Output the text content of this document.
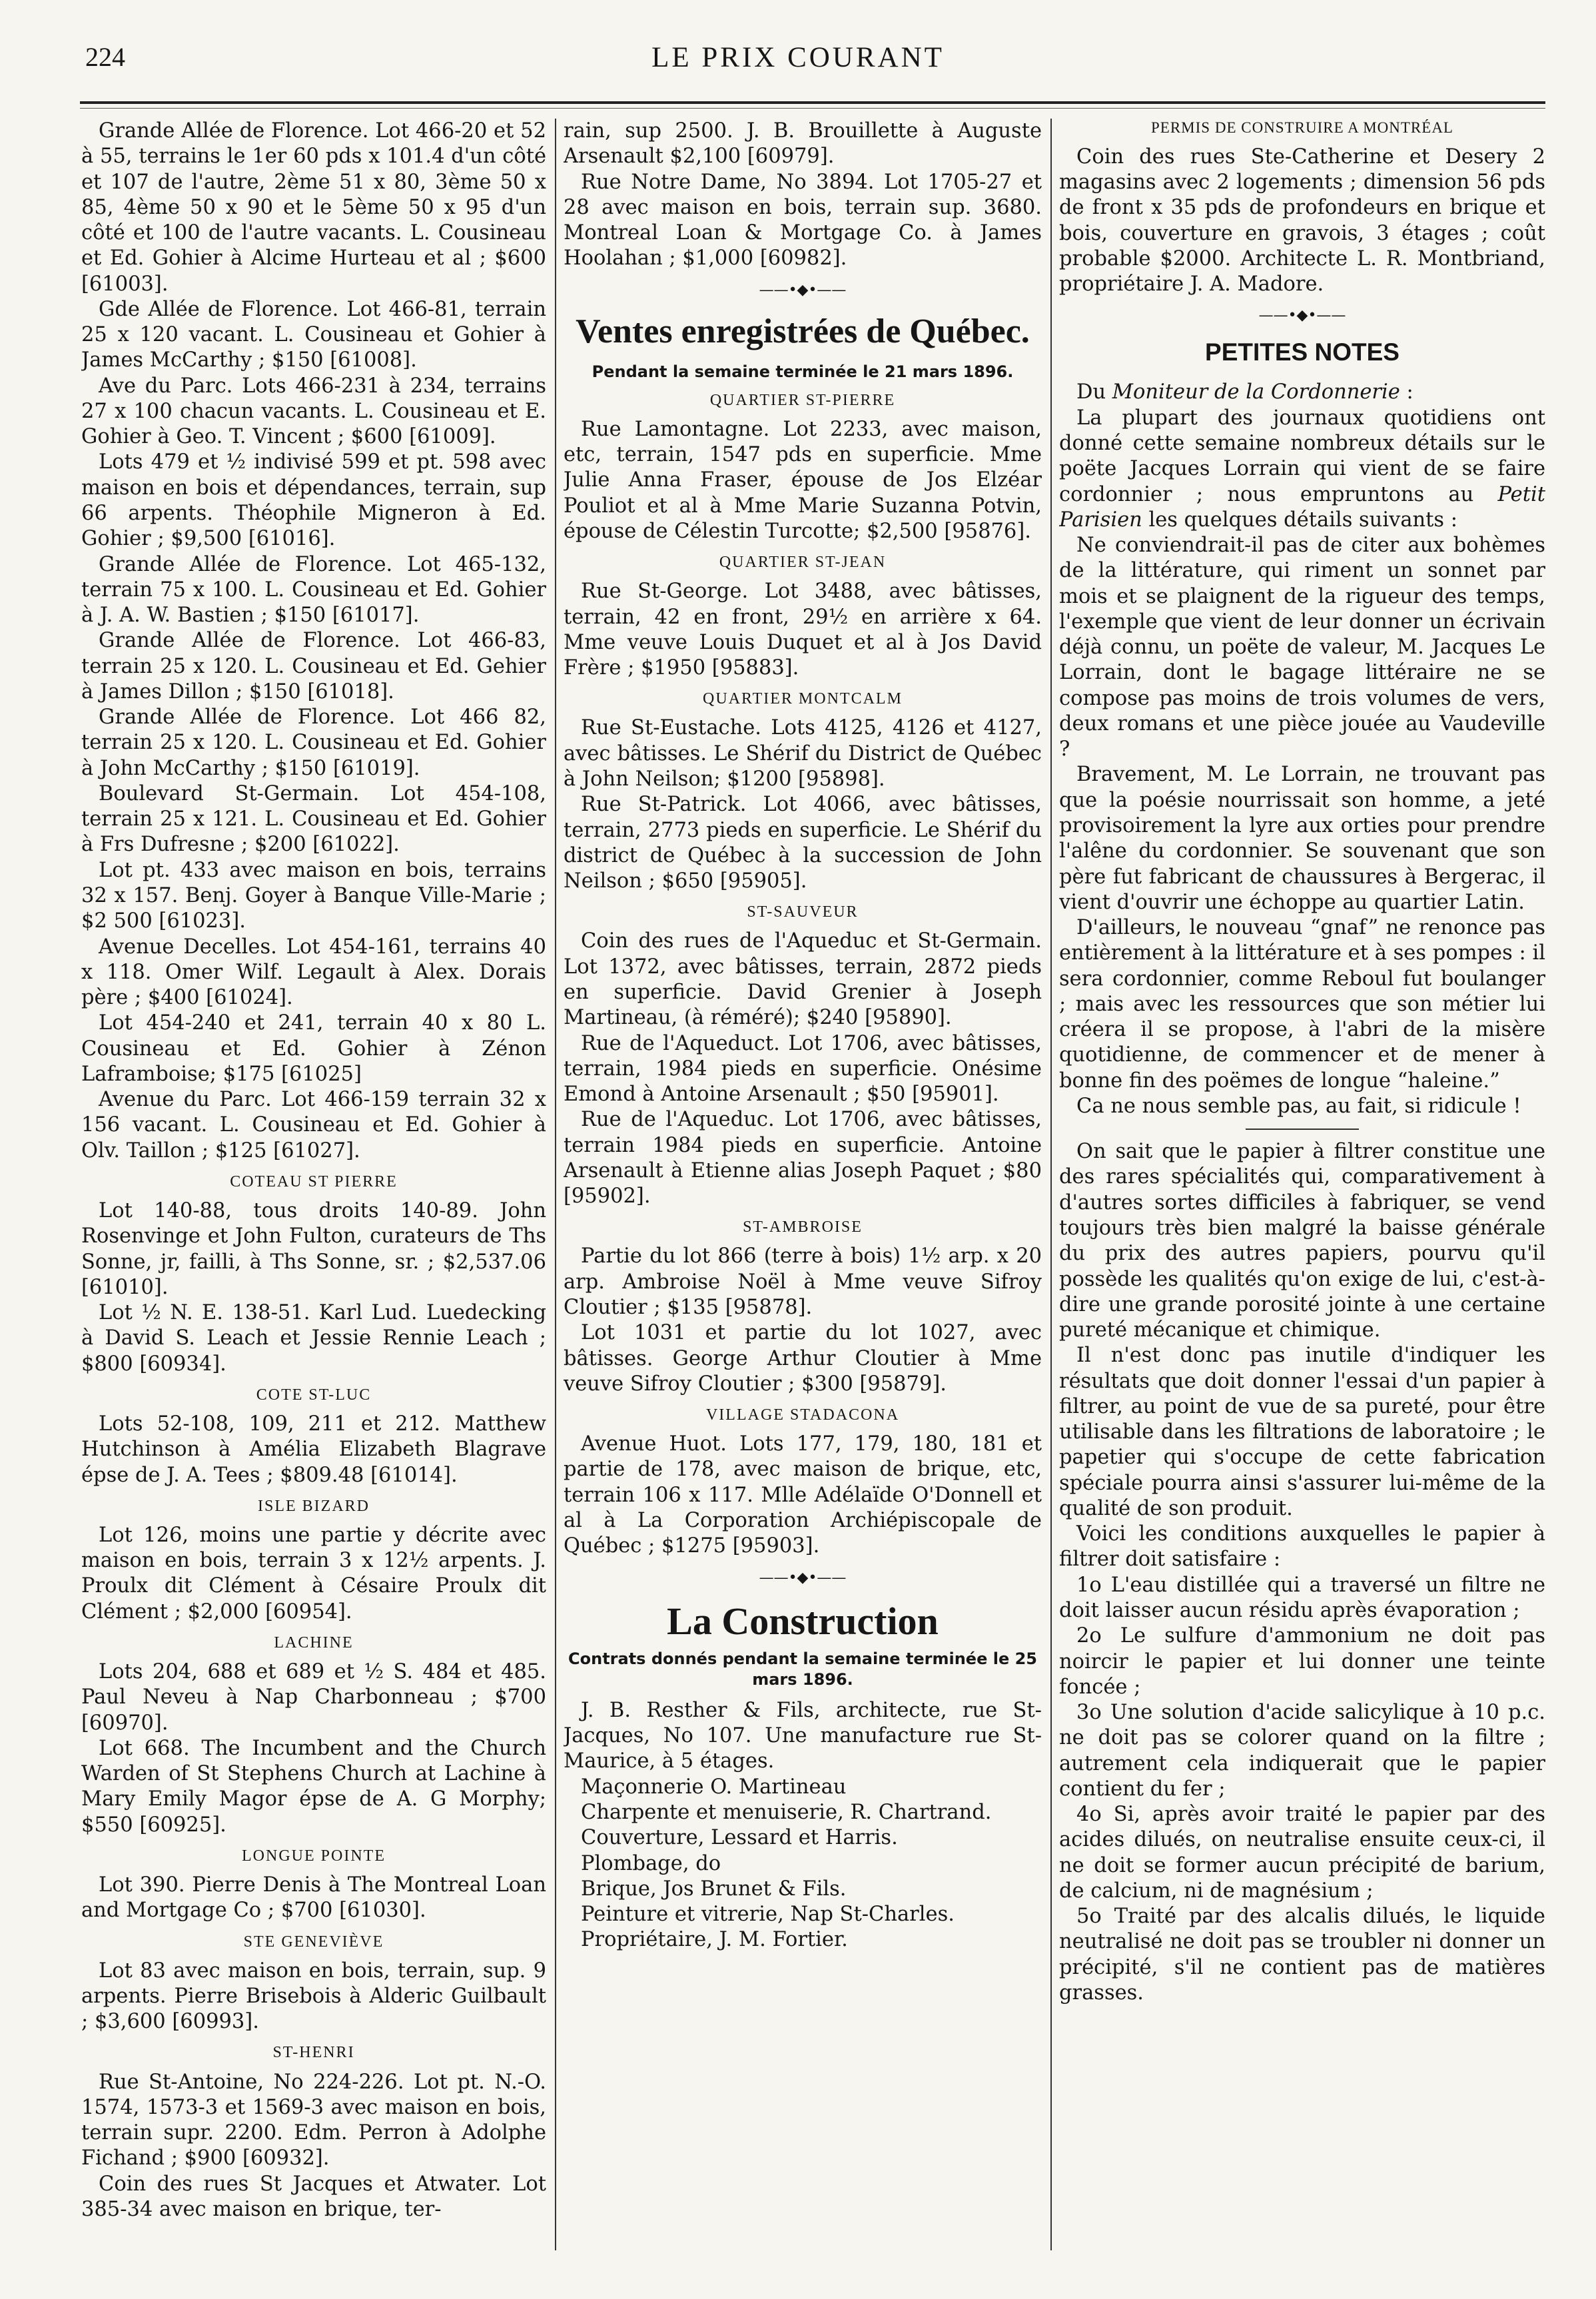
224	LE PRIX COURANT

Grande Allée de Florence. Lot 466-20 et 52 à 55, terrains le 1er 60 pds x 101.4 d'un côté et 107 de l'autre, 2ème 51 x 80, 3ème 50 x 85, 4ème 50 x 90 et le 5ème 50 x 95 d'un côté et 100 de l'autre vacants. L. Cousineau et Ed. Gohier à Alcime Hurteau et al ; $600 [61003].

Gde Allée de Florence. Lot 466-81, terrain 25 x 120 vacant. L. Cousineau et Gohier à James McCarthy ; $150 [61008].

Ave du Parc. Lots 466-231 à 234, terrains 27 x 100 chacun vacants. L. Cousineau et E. Gohier à Geo. T. Vincent ; $600 [61009].

Lots 479 et ½ indivisé 599 et pt. 598 avec maison en bois et dépendances, terrain, sup 66 arpents. Théophile Migneron à Ed. Gohier ; $9,500 [61016].

Grande Allée de Florence. Lot 465-132, terrain 75 x 100. L. Cousineau et Ed. Gohier à J. A. W. Bastien ; $150 [61017].

Grande Allée de Florence. Lot 466-83, terrain 25 x 120. L. Cousineau et Ed. Gehier à James Dillon ; $150 [61018].

Grande Allée de Florence. Lot 466 82, terrain 25 x 120. L. Cousineau et Ed. Gohier à John McCarthy ; $150 [61019].

Boulevard St-Germain. Lot 454-108, terrain 25 x 121. L. Cousineau et Ed. Gohier à Frs Dufresne ; $200 [61022].

Lot pt. 433 avec maison en bois, terrains 32 x 157. Benj. Goyer à Banque Ville-Marie ; $2 500 [61023].

Avenue Decelles. Lot 454-161, terrains 40 x 118. Omer Wilf. Legault à Alex. Dorais père ; $400 [61024].

Lot 454-240 et 241, terrain 40 x 80 L. Cousineau et Ed. Gohier à Zénon Laframboise; $175 [61025]

Avenue du Parc. Lot 466-159 terrain 32 x 156 vacant. L. Cousineau et Ed. Gohier à Olv. Taillon ; $125 [61027].

COTEAU ST PIERRE

Lot 140-88, tous droits 140-89. John Rosenvinge et John Fulton, curateurs de Ths Sonne, jr, failli, à Ths Sonne, sr. ; $2,537.06 [61010].

Lot ½ N. E. 138-51. Karl Lud. Luedecking à David S. Leach et Jessie Rennie Leach ; $800 [60934].

COTE ST-LUC

Lots 52-108, 109, 211 et 212. Matthew Hutchinson à Amélia Elizabeth Blagrave épse de J. A. Tees ; $809.48 [61014].

ISLE BIZARD

Lot 126, moins une partie y décrite avec maison en bois, terrain 3 x 12½ arpents. J. Proulx dit Clément à Césaire Proulx dit Clément ; $2,000 [60954].

LACHINE

Lots 204, 688 et 689 et ½ S. 484 et 485. Paul Neveu à Nap Charbonneau ; $700 [60970].

Lot 668. The Incumbent and the Church Warden of St Stephens Church at Lachine à Mary Emily Magor épse de A. G Morphy; $550 [60925].

LONGUE POINTE

Lot 390. Pierre Denis à The Montreal Loan and Mortgage Co ; $700 [61030].

STE GENEVIÈVE

Lot 83 avec maison en bois, terrain, sup. 9 arpents. Pierre Brisebois à Alderic Guilbault ; $3,600 [60993].

ST-HENRI

Rue St-Antoine, No 224-226. Lot pt. N.-O. 1574, 1573-3 et 1569-3 avec maison en bois, terrain supr. 2200. Edm. Perron à Adolphe Fichand ; $900 [60932].

Coin des rues St Jacques et Atwater. Lot 385-34 avec maison en brique, ter-

rain, sup 2500. J. B. Brouillette à Auguste Arsenault $2,100 [60979].

Rue Notre Dame, No 3894. Lot 1705-27 et 28 avec maison en bois, terrain sup. 3680. Montreal Loan & Mortgage Co. à James Hoolahan ; $1,000 [60982].

——•◆•——
Ventes enregistrées de Québec.
Pendant la semaine terminée le 21 mars 1896.
QUARTIER ST-PIERRE

Rue Lamontagne. Lot 2233, avec maison, etc, terrain, 1547 pds en superficie. Mme Julie Anna Fraser, épouse de Jos Elzéar Pouliot et al à Mme Marie Suzanna Potvin, épouse de Célestin Turcotte; $2,500 [95876].

QUARTIER ST-JEAN

Rue St-George. Lot 3488, avec bâtisses, terrain, 42 en front, 29½ en arrière x 64. Mme veuve Louis Duquet et al à Jos David Frère ; $1950 [95883].

QUARTIER MONTCALM

Rue St-Eustache. Lots 4125, 4126 et 4127, avec bâtisses. Le Shérif du District de Québec à John Neilson; $1200 [95898].

Rue St-Patrick. Lot 4066, avec bâtisses, terrain, 2773 pieds en superficie. Le Shérif du district de Québec à la succession de John Neilson ; $650 [95905].

ST-SAUVEUR

Coin des rues de l'Aqueduc et St-Germain. Lot 1372, avec bâtisses, terrain, 2872 pieds en superficie. David Grenier à Joseph Martineau, (à réméré); $240 [95890].

Rue de l'Aqueduct. Lot 1706, avec bâtisses, terrain, 1984 pieds en superficie. Onésime Emond à Antoine Arsenault ; $50 [95901].

Rue de l'Aqueduc. Lot 1706, avec bâtisses, terrain 1984 pieds en superficie. Antoine Arsenault à Etienne alias Joseph Paquet ; $80 [95902].

ST-AMBROISE

Partie du lot 866 (terre à bois) 1½ arp. x 20 arp. Ambroise Noël à Mme veuve Sifroy Cloutier ; $135 [95878].

Lot 1031 et partie du lot 1027, avec bâtisses. George Arthur Cloutier à Mme veuve Sifroy Cloutier ; $300 [95879].

VILLAGE STADACONA

Avenue Huot. Lots 177, 179, 180, 181 et partie de 178, avec maison de brique, etc, terrain 106 x 117. Mlle Adélaïde O'Donnell et al à La Corporation Archiépiscopale de Québec ; $1275 [95903].

——•◆•——
La Construction
Contrats donnés pendant la semaine terminée le 25 mars 1896.

J. B. Resther & Fils, architecte, rue St-Jacques, No 107. Une manufacture rue St-Maurice, à 5 étages.

Maçonnerie O. Martineau

Charpente et menuiserie, R. Chartrand.

Couverture, Lessard et Harris.

Plombage, do

Brique, Jos Brunet & Fils.

Peinture et vitrerie, Nap St-Charles.

Propriétaire, J. M. Fortier.

PERMIS DE CONSTRUIRE A MONTRÉAL

Coin des rues Ste-Catherine et Desery 2 magasins avec 2 logements ; dimension 56 pds de front x 35 pds de profondeurs en brique et bois, couverture en gravois, 3 étages ; coût probable $2000. Architecte L. R. Montbriand, propriétaire J. A. Madore.

——•◆•——
PETITES NOTES

Du Moniteur de la Cordonnerie :

La plupart des journaux quotidiens ont donné cette semaine nombreux détails sur le poëte Jacques Lorrain qui vient de se faire cordonnier ; nous empruntons au Petit Parisien les quelques détails suivants :

Ne conviendrait-il pas de citer aux bohèmes de la littérature, qui riment un sonnet par mois et se plaignent de la rigueur des temps, l'exemple que vient de leur donner un écrivain déjà connu, un poëte de valeur, M. Jacques Le Lorrain, dont le bagage littéraire ne se compose pas moins de trois volumes de vers, deux romans et une pièce jouée au Vaudeville ?

Bravement, M. Le Lorrain, ne trouvant pas que la poésie nourrissait son homme, a jeté provisoirement la lyre aux orties pour prendre l'alêne du cordonnier. Se souvenant que son père fut fabricant de chaussures à Bergerac, il vient d'ouvrir une échoppe au quartier Latin.

D'ailleurs, le nouveau “gnaf” ne renonce pas entièrement à la littérature et à ses pompes : il sera cordonnier, comme Reboul fut boulanger ; mais avec les ressources que son métier lui créera il se propose, à l'abri de la misère quotidienne, de commencer et de mener à bonne fin des poëmes de longue “haleine.”

Ca ne nous semble pas, au fait, si ridicule !

On sait que le papier à filtrer constitue une des rares spécialités qui, comparativement à d'autres sortes difficiles à fabriquer, se vend toujours très bien malgré la baisse générale du prix des autres papiers, pourvu qu'il possède les qualités qu'on exige de lui, c'est-à-dire une grande porosité jointe à une certaine pureté mécanique et chimique.

Il n'est donc pas inutile d'indiquer les résultats que doit donner l'essai d'un papier à filtrer, au point de vue de sa pureté, pour être utilisable dans les filtrations de laboratoire ; le papetier qui s'occupe de cette fabrication spéciale pourra ainsi s'assurer lui-même de la qualité de son produit.

Voici les conditions auxquelles le papier à filtrer doit satisfaire :

1o L'eau distillée qui a traversé un filtre ne doit laisser aucun résidu après évaporation ;

2o Le sulfure d'ammonium ne doit pas noircir le papier et lui donner une teinte foncée ;

3o Une solution d'acide salicylique à 10 p.c. ne doit pas se colorer quand on la filtre ; autrement cela indiquerait que le papier contient du fer ;

4o Si, après avoir traité le papier par des acides dilués, on neutralise ensuite ceux-ci, il ne doit se former aucun précipité de barium, de calcium, ni de magnésium ;

5o Traité par des alcalis dilués, le liquide neutralisé ne doit pas se troubler ni donner un précipité, s'il ne contient pas de matières grasses.
